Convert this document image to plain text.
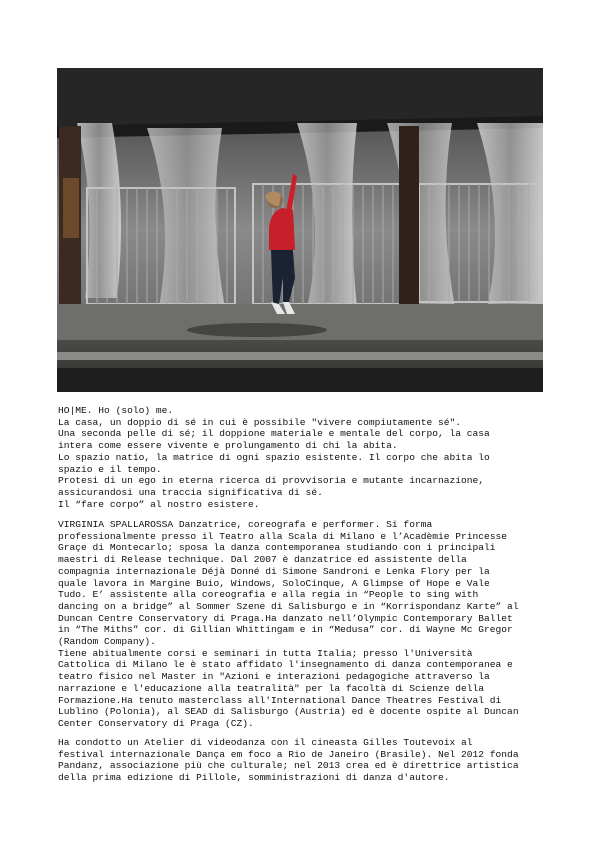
HO|ME. Ho (solo) me.

La casa, un doppio di sé in cui è possibile "vivere compiutamente sé".

Una seconda pelle di sé; il doppione materiale e mentale del corpo, la casa

intera come essere vivente e prolungamento di chi la abita.

Lo spazio natio, la matrice di ogni spazio esistente. Il corpo che abita lo

spazio e il tempo.

Protesi di un ego in eterna ricerca di provvisoria e mutante incarnazione,

assicurandosi una traccia significativa di sé.

Il “fare corpo” al nostro esistere.

VIRGINIA SPALLAROSSA Danzatrice, coreografa e performer. Si forma

professionalmente presso il Teatro alla Scala di Milano e l’Acadèmie Princesse

Graçe di Montecarlo; sposa la danza contemporanea studiando con i principali

maestri di Release technique. Dal 2007 è danzatrice ed assistente della

compagnia internazionale Déjà Donné di Simone Sandroni e Lenka Flory per la

quale lavora in Margine Buio, Windows, SoloCinque, A Glimpse of Hope e Vale

Tudo. E’ assistente alla coreografia e alla regia in “People to sing with

dancing on a bridge” al Sommer Szene di Salisburgo e in “Korrispondanz Karte” al

Duncan Centre Conservatory di Praga.Ha danzato nell’Olympic Contemporary Ballet

in “The Miths” cor. di Gillian Whittingam e in “Medusa” cor. di Wayne Mc Gregor

(Random Company).

Tiene abitualmente corsi e seminari in tutta Italia; presso l'Università

Cattolica di Milano le è stato affidato l'insegnamento di danza contemporanea e

teatro fisico nel Master in "Azioni e interazioni pedagogiche attraverso la

narrazione e l'educazione alla teatralità" per la facoltà di Scienze della

Formazione.Ha tenuto masterclass all'International Dance Theatres Festival di

Lublino (Polonia), al SEAD di Salisburgo (Austria) ed è docente ospite al Duncan

Center Conservatory di Praga (CZ).

Ha condotto un Atelier di videodanza con il cineasta Gilles Toutevoix al

festival internazionale Dança em foco a Rio de Janeiro (Brasile). Nel 2012 fonda

Pandanz, associazione più che culturale; nel 2013 crea ed è direttrice artistica

della prima edizione di Pillole, somministrazioni di danza d'autore.
